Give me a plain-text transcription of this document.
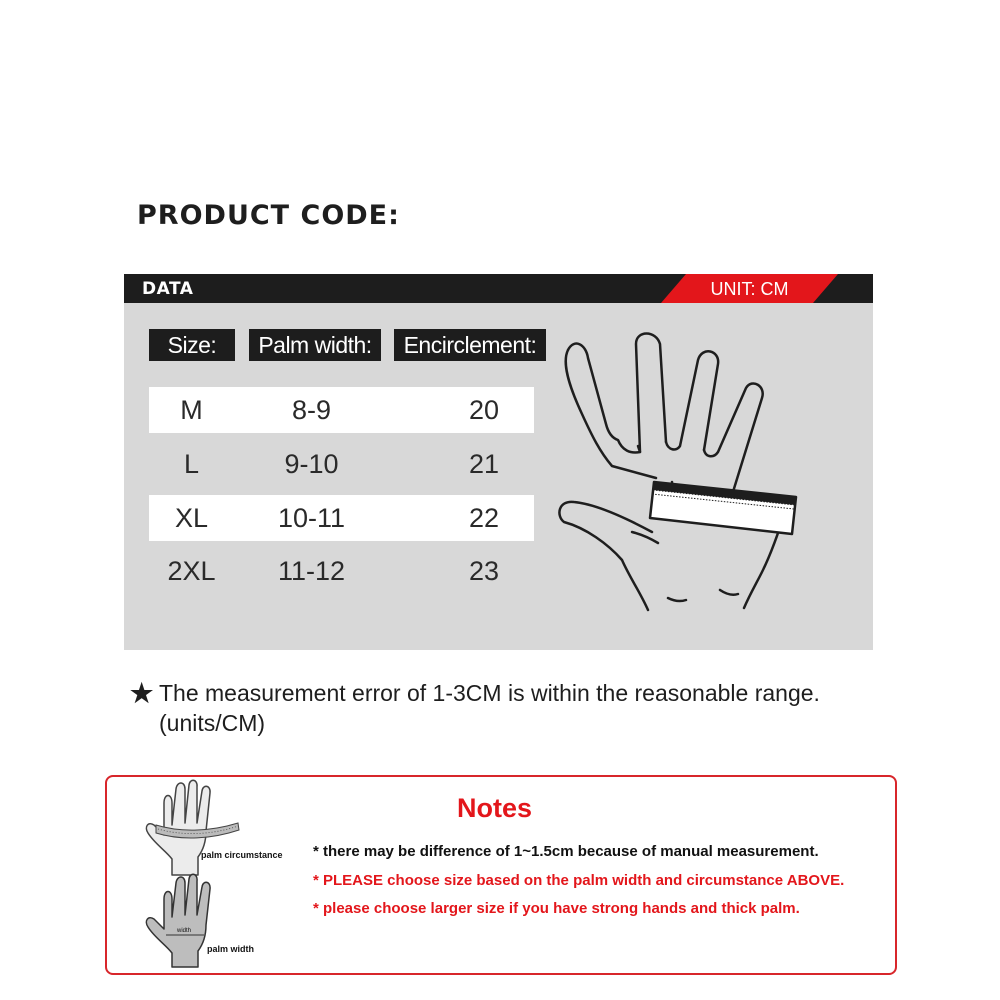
PRODUCT CODE:
DATA	UNIT: CM
Size:	Palm width:	Encirclement:
M	8-9	20
L	9-10	21
XL	10-11	22
2XL	11-12	23
★ The measurement error of 1-3CM is within the reasonable range. (units/CM)
palm circumstance
width
palm width
Notes
* there may be difference of 1~1.5cm because of manual measurement.
* PLEASE choose size based on the palm width and circumstance ABOVE.
* please choose larger size if you have strong hands and thick palm.
